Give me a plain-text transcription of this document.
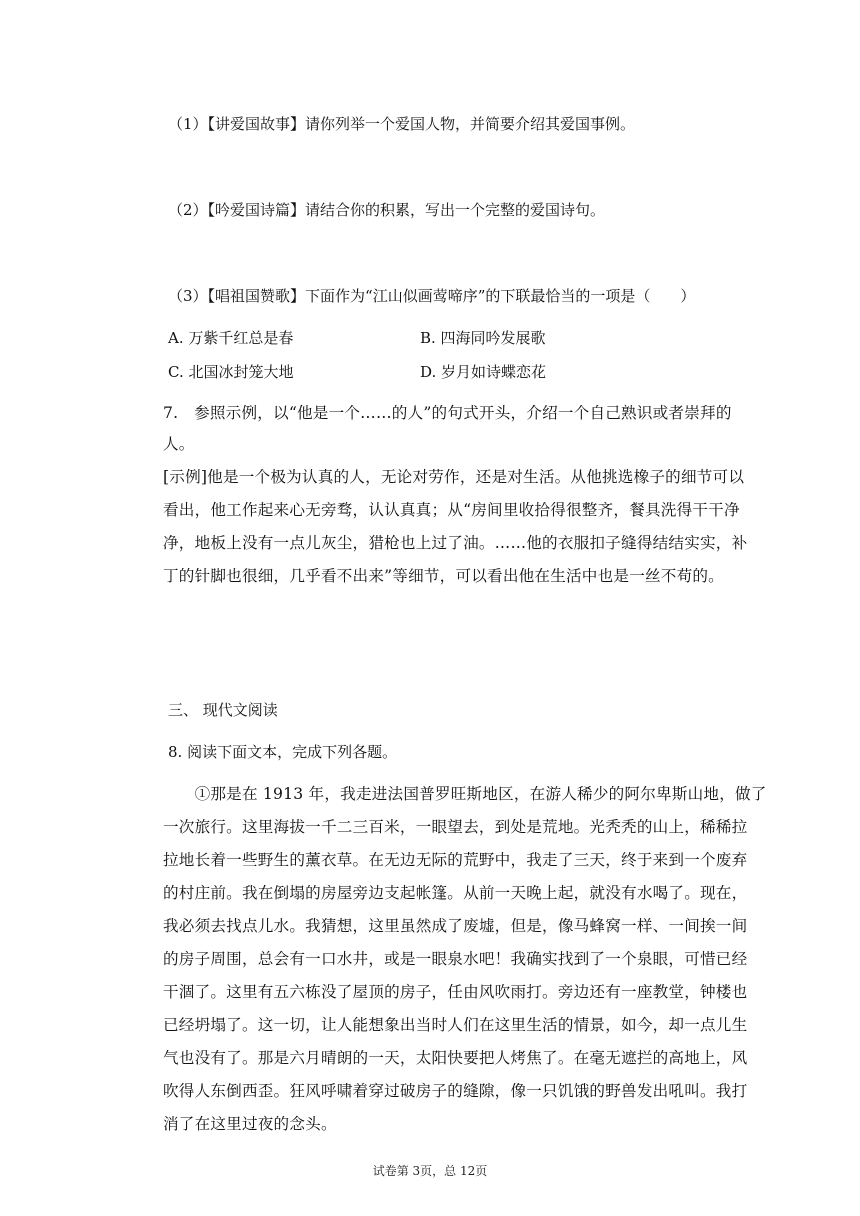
（1）【讲爱国故事】请你列举一个爱国人物，并简要介绍其爱国事例。
（2）【吟爱国诗篇】请结合你的积累，写出一个完整的爱国诗句。
（3）【唱祖国赞歌】下面作为“江山似画莺啼序”的下联最恰当的一项是（　　）
A. 万紫千红总是春	B. 四海同吟发展歌
C. 北国冰封笼大地	D. 岁月如诗蝶恋花
7.　参照示例，以“他是一个……的人”的句式开头，介绍一个自己熟识或者崇拜的
人。
[示例]他是一个极为认真的人，无论对劳作，还是对生活。从他挑选橡子的细节可以
看出，他工作起来心无旁骛，认认真真；从“房间里收拾得很整齐，餐具洗得干干净
净，地板上没有一点儿灰尘，猎枪也上过了油。……他的衣服扣子缝得结结实实，补
丁的针脚也很细，几乎看不出来”等细节，可以看出他在生活中也是一丝不苟的。
三、 现代文阅读
8. 阅读下面文本，完成下列各题。
　　①那是在 1913 年，我走进法国普罗旺斯地区，在游人稀少的阿尔卑斯山地，做了
一次旅行。这里海拔一千二三百米，一眼望去，到处是荒地。光秃秃的山上，稀稀拉
拉地长着一些野生的薰衣草。在无边无际的荒野中，我走了三天，终于来到一个废弃
的村庄前。我在倒塌的房屋旁边支起帐篷。从前一天晚上起，就没有水喝了。现在，
我必须去找点儿水。我猜想，这里虽然成了废墟，但是，像马蜂窝一样、一间挨一间
的房子周围，总会有一口水井，或是一眼泉水吧！我确实找到了一个泉眼，可惜已经
干涸了。这里有五六栋没了屋顶的房子，任由风吹雨打。旁边还有一座教堂，钟楼也
已经坍塌了。这一切，让人能想象出当时人们在这里生活的情景，如今，却一点儿生
气也没有了。那是六月晴朗的一天，太阳快要把人烤焦了。在毫无遮拦的高地上，风
吹得人东倒西歪。狂风呼啸着穿过破房子的缝隙，像一只饥饿的野兽发出吼叫。我打
消了在这里过夜的念头。
试卷第 3页，总 12页
